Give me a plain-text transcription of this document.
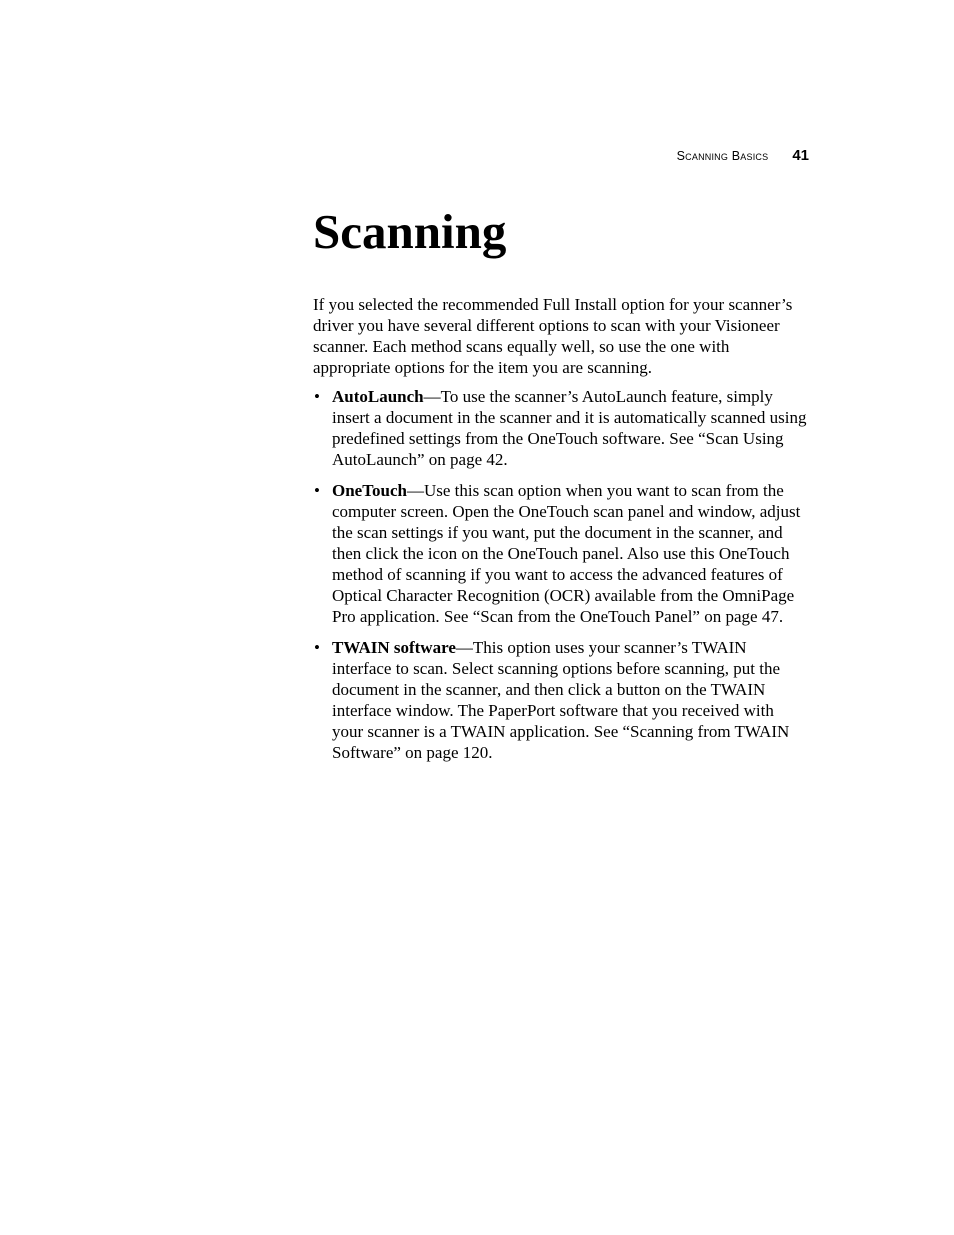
Scanning Basics 41
Scanning

If you selected the recommended Full Install option for your scanner’s driver you have several different options to scan with your Visioneer scanner. Each method scans equally well, so use the one with appropriate options for the item you are scanning.

• AutoLaunch—To use the scanner’s AutoLaunch feature, simply insert a document in the scanner and it is automatically scanned using predefined settings from the OneTouch software. See “Scan Using AutoLaunch” on page 42.
• OneTouch—Use this scan option when you want to scan from the computer screen. Open the OneTouch scan panel and window, adjust the scan settings if you want, put the document in the scanner, and then click the icon on the OneTouch panel. Also use this OneTouch method of scanning if you want to access the advanced features of Optical Character Recognition (OCR) available from the OmniPage Pro application. See “Scan from the OneTouch Panel” on page 47.
• TWAIN software—This option uses your scanner’s TWAIN interface to scan. Select scanning options before scanning, put the document in the scanner, and then click a button on the TWAIN interface window. The PaperPort software that you received with your scanner is a TWAIN application. See “Scanning from TWAIN Software” on page 120.
